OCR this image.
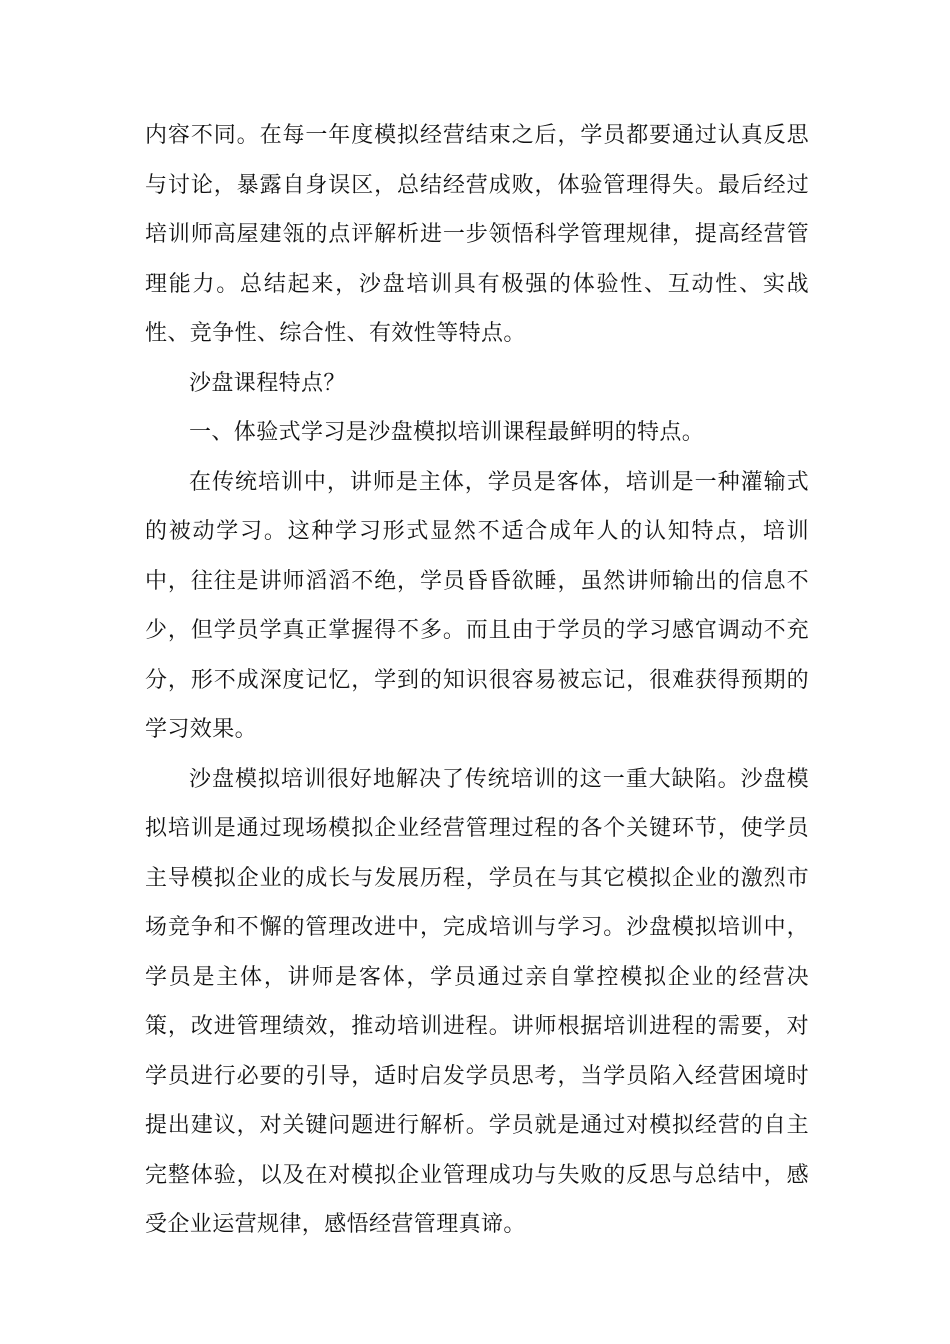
内容不同。在每一年度模拟经营结束之后，学员都要通过认真反思与讨论，暴露自身误区，总结经营成败，体验管理得失。最后经过培训师高屋建瓴的点评解析进一步领悟科学管理规律，提高经营管理能力。总结起来，沙盘培训具有极强的体验性、互动性、实战性、竞争性、综合性、有效性等特点。

沙盘课程特点？

一、体验式学习是沙盘模拟培训课程最鲜明的特点。

在传统培训中，讲师是主体，学员是客体，培训是一种灌输式的被动学习。这种学习形式显然不适合成年人的认知特点，培训中，往往是讲师滔滔不绝，学员昏昏欲睡，虽然讲师输出的信息不少，但学员学真正掌握得不多。而且由于学员的学习感官调动不充分，形不成深度记忆，学到的知识很容易被忘记，很难获得预期的学习效果。

沙盘模拟培训很好地解决了传统培训的这一重大缺陷。沙盘模拟培训是通过现场模拟企业经营管理过程的各个关键环节，使学员主导模拟企业的成长与发展历程，学员在与其它模拟企业的激烈市场竞争和不懈的管理改进中，完成培训与学习。沙盘模拟培训中，学员是主体，讲师是客体，学员通过亲自掌控模拟企业的经营决策，改进管理绩效，推动培训进程。讲师根据培训进程的需要，对学员进行必要的引导，适时启发学员思考，当学员陷入经营困境时提出建议，对关键问题进行解析。学员就是通过对模拟经营的自主完整体验，以及在对模拟企业管理成功与失败的反思与总结中，感受企业运营规律，感悟经营管理真谛。
